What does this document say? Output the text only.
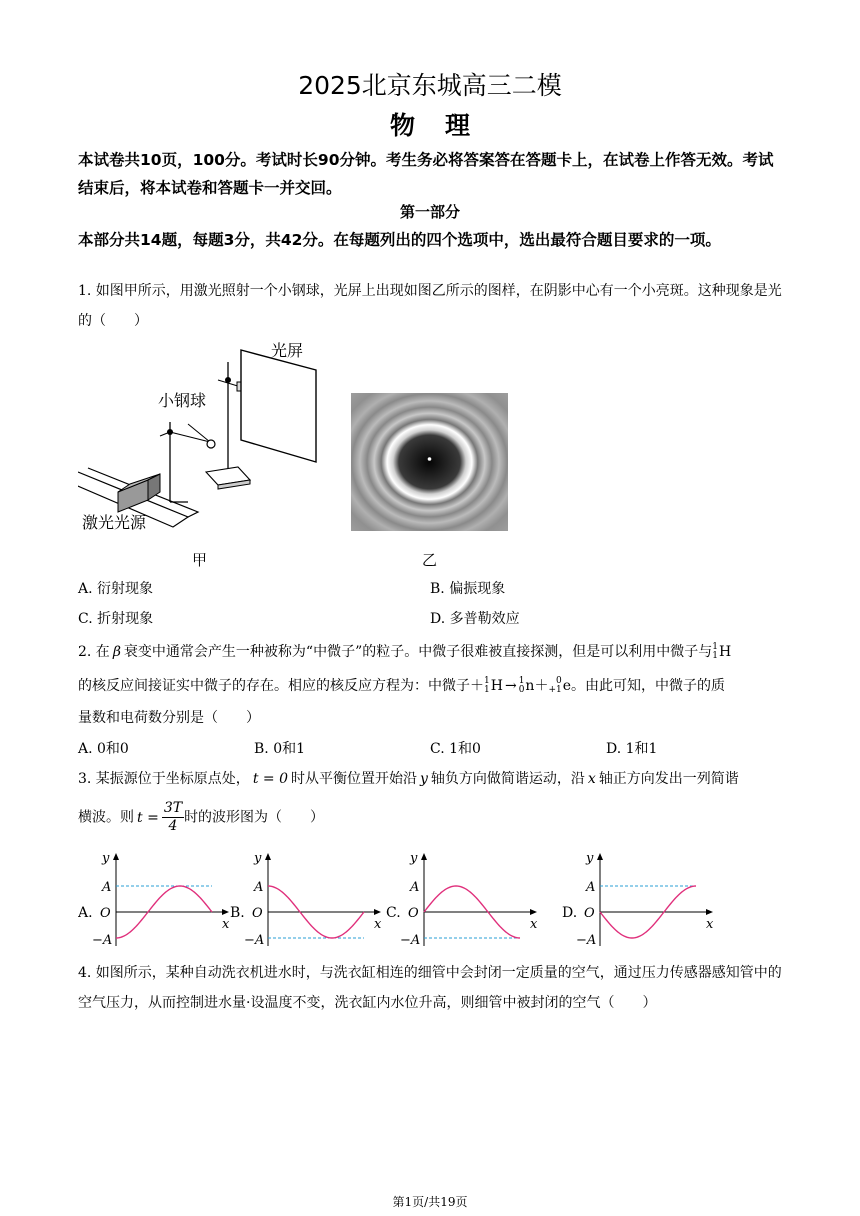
2025北京东城高三二模
物理
本试卷共10页，100分。考试时长90分钟。考生务必将答案答在答题卡上，在试卷上作答无效。考试结束后，将本试卷和答题卡一并交回。
第一部分
本部分共14题，每题3分，共42分。在每题列出的四个选项中，选出最符合题目要求的一项。
1. 如图甲所示，用激光照射一个小钢球，光屏上出现如图乙所示的图样，在阴影中心有一个小亮斑。这种现象是光的（　　）
光屏
小钢球
激光光源
甲	乙
A. 衍射现象	B. 偏振现象
C. 折射现象	D. 多普勒效应
2. 在 β 衰变中通常会产生一种被称为“中微子”的粒子。中微子很难被直接探测，但是可以利用中微子与 1
1 H
的核反应间接证实中微子的存在。相应的核反应方程为：中微子＋ 1
1 H → 1
0 n＋ 0
+1 e。由此可知，中微子的质
量数和电荷数分别是（　　）
A. 0和0	B. 0和1	C. 1和0	D. 1和1
3. 某振源位于坐标原点处， t = 0 时从平衡位置开始沿 y 轴负方向做简谐运动，沿 x 轴正方向发出一列简谐
横波。则 $t = \frac{3T}{4}$ 时的波形图为（　　）
A.
y
x
O
A
−A
B.
y
x
O
A
−A
C.
y
x
O
A
−A
D.
y
x
O
A
−A
4. 如图所示，某种自动洗衣机进水时，与洗衣缸相连的细管中会封闭一定质量的空气，通过压力传感器感知管中的空气压力，从而控制进水量·设温度不变，洗衣缸内水位升高，则细管中被封闭的空气（　　）
第1页/共19页
